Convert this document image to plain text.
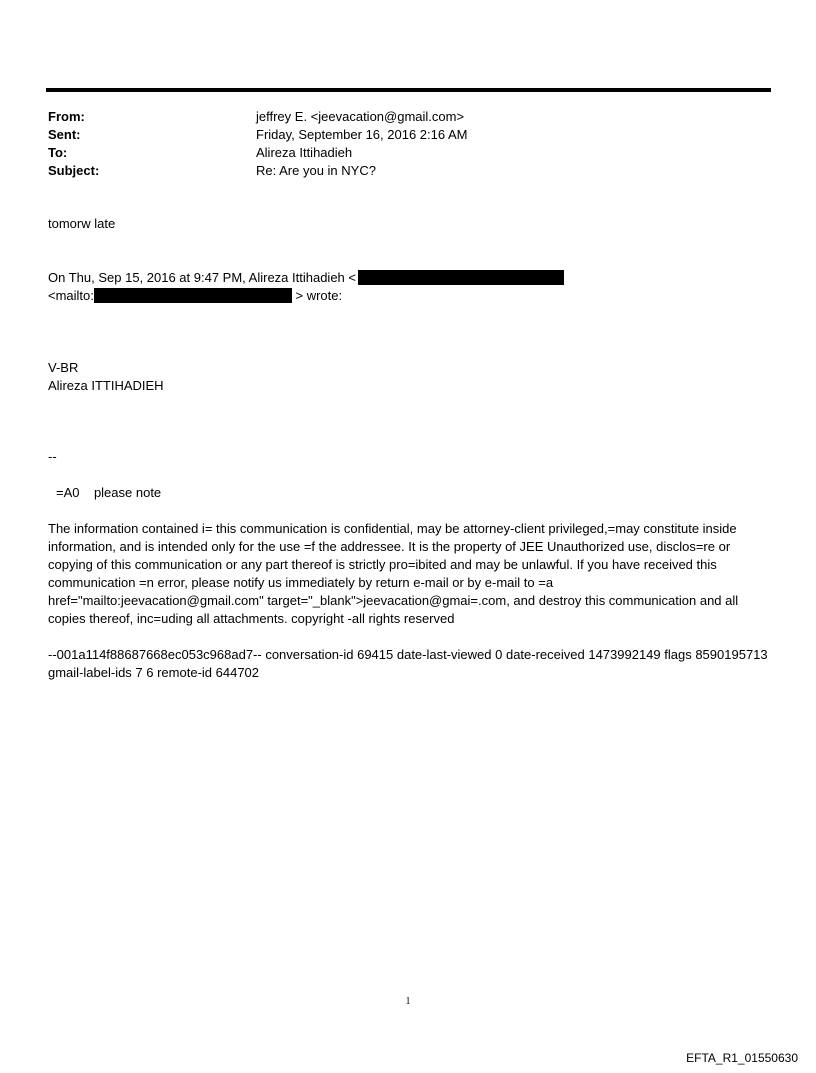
From:	jeffrey E. <jeevacation@gmail.com>
Sent:	Friday, September 16, 2016 2:16 AM
To:	Alireza Ittihadieh
Subject:	Re: Are you in NYC?
tomorw late
On Thu, Sep 15, 2016 at 9:47 PM, Alireza Ittihadieh <
<mailto:	> wrote:
V-BR
Alireza ITTIHADIEH
--
=A0    please note
The information contained i= this communication is confidential, may be attorney-client privileged,=may constitute inside information, and is intended only for the use =f the addressee. It is the property of JEE Unauthorized use, disclos=re or copying of this communication or any part thereof is strictly pro=ibited and may be unlawful. If you have received this communication =n error, please notify us immediately by return e-mail or by e-mail to =a href="mailto:jeevacation@gmail.com" target="_blank">jeevacation@gmai=.com, and destroy this communication and all copies thereof, inc=uding all attachments. copyright -all rights reserved
--001a114f88687668ec053c968ad7-- conversation-id 69415 date-last-viewed 0 date-received 1473992149 flags 8590195713 gmail-label-ids 7 6 remote-id 644702
1
EFTA_R1_01550630
